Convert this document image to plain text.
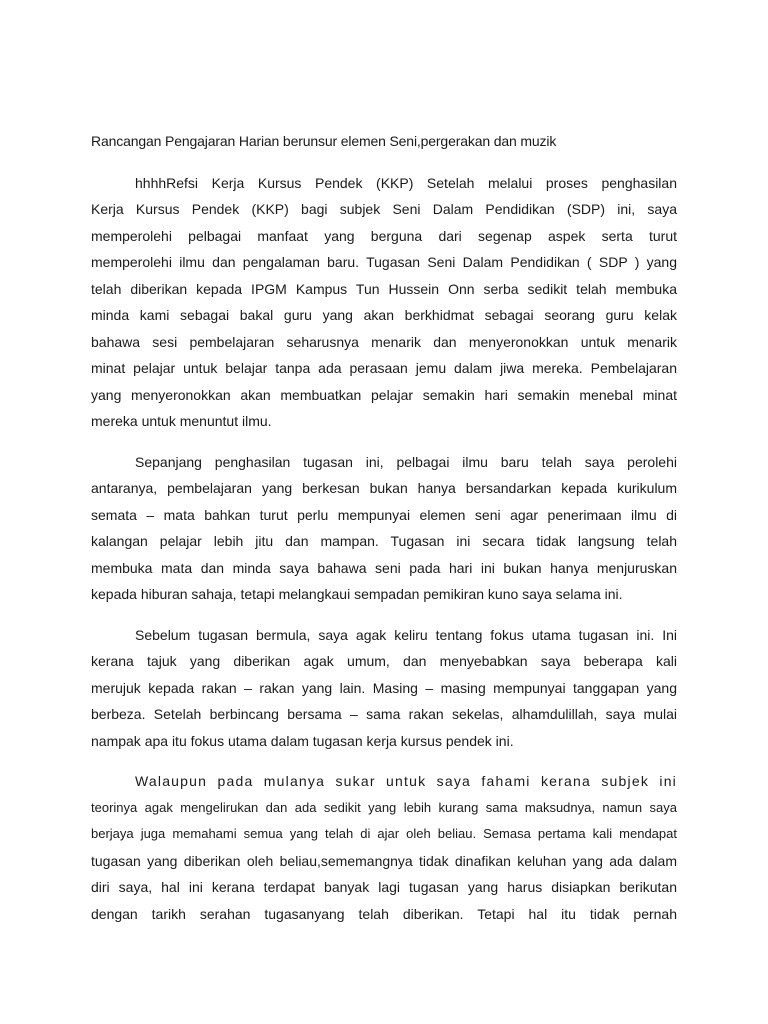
Rancangan Pengajaran Harian berunsur elemen Seni,pergerakan dan muzik

hhhhRefsi Kerja Kursus Pendek (KKP) Setelah melalui proses penghasilan

Kerja Kursus Pendek (KKP) bagi subjek Seni Dalam Pendidikan (SDP) ini, saya

memperolehi pelbagai manfaat yang berguna dari segenap aspek serta turut

memperolehi ilmu dan pengalaman baru. Tugasan Seni Dalam Pendidikan ( SDP ) yang

telah diberikan kepada IPGM Kampus Tun Hussein Onn serba sedikit telah membuka

minda kami sebagai bakal guru yang akan berkhidmat sebagai seorang guru kelak

bahawa sesi pembelajaran seharusnya menarik dan menyeronokkan untuk menarik

minat pelajar untuk belajar tanpa ada perasaan jemu dalam jiwa mereka. Pembelajaran

yang menyeronokkan akan membuatkan pelajar semakin hari semakin menebal minat

mereka untuk menuntut ilmu.

Sepanjang penghasilan tugasan ini, pelbagai ilmu baru telah saya perolehi

antaranya, pembelajaran yang berkesan bukan hanya bersandarkan kepada kurikulum

semata – mata bahkan turut perlu mempunyai elemen seni agar penerimaan ilmu di

kalangan pelajar lebih jitu dan mampan. Tugasan ini secara tidak langsung telah

membuka mata dan minda saya bahawa seni pada hari ini bukan hanya menjuruskan

kepada hiburan sahaja, tetapi melangkaui sempadan pemikiran kuno saya selama ini.

Sebelum tugasan bermula, saya agak keliru tentang fokus utama tugasan ini. Ini

kerana tajuk yang diberikan agak umum, dan menyebabkan saya beberapa kali

merujuk kepada rakan – rakan yang lain. Masing – masing mempunyai tanggapan yang

berbeza. Setelah berbincang bersama – sama rakan sekelas, alhamdulillah, saya mulai

nampak apa itu fokus utama dalam tugasan kerja kursus pendek ini.

Walaupun pada mulanya sukar untuk saya fahami kerana subjek ini

teorinya agak mengelirukan dan ada sedikit yang lebih kurang sama maksudnya, namun saya

berjaya juga memahami semua yang telah di ajar oleh beliau. Semasa pertama kali mendapat

tugasan yang diberikan oleh beliau,sememangnya tidak dinafikan keluhan yang ada dalam

diri saya, hal ini kerana terdapat banyak lagi tugasan yang harus disiapkan berikutan

dengan tarikh serahan tugasanyang telah diberikan. Tetapi hal itu tidak pernah
